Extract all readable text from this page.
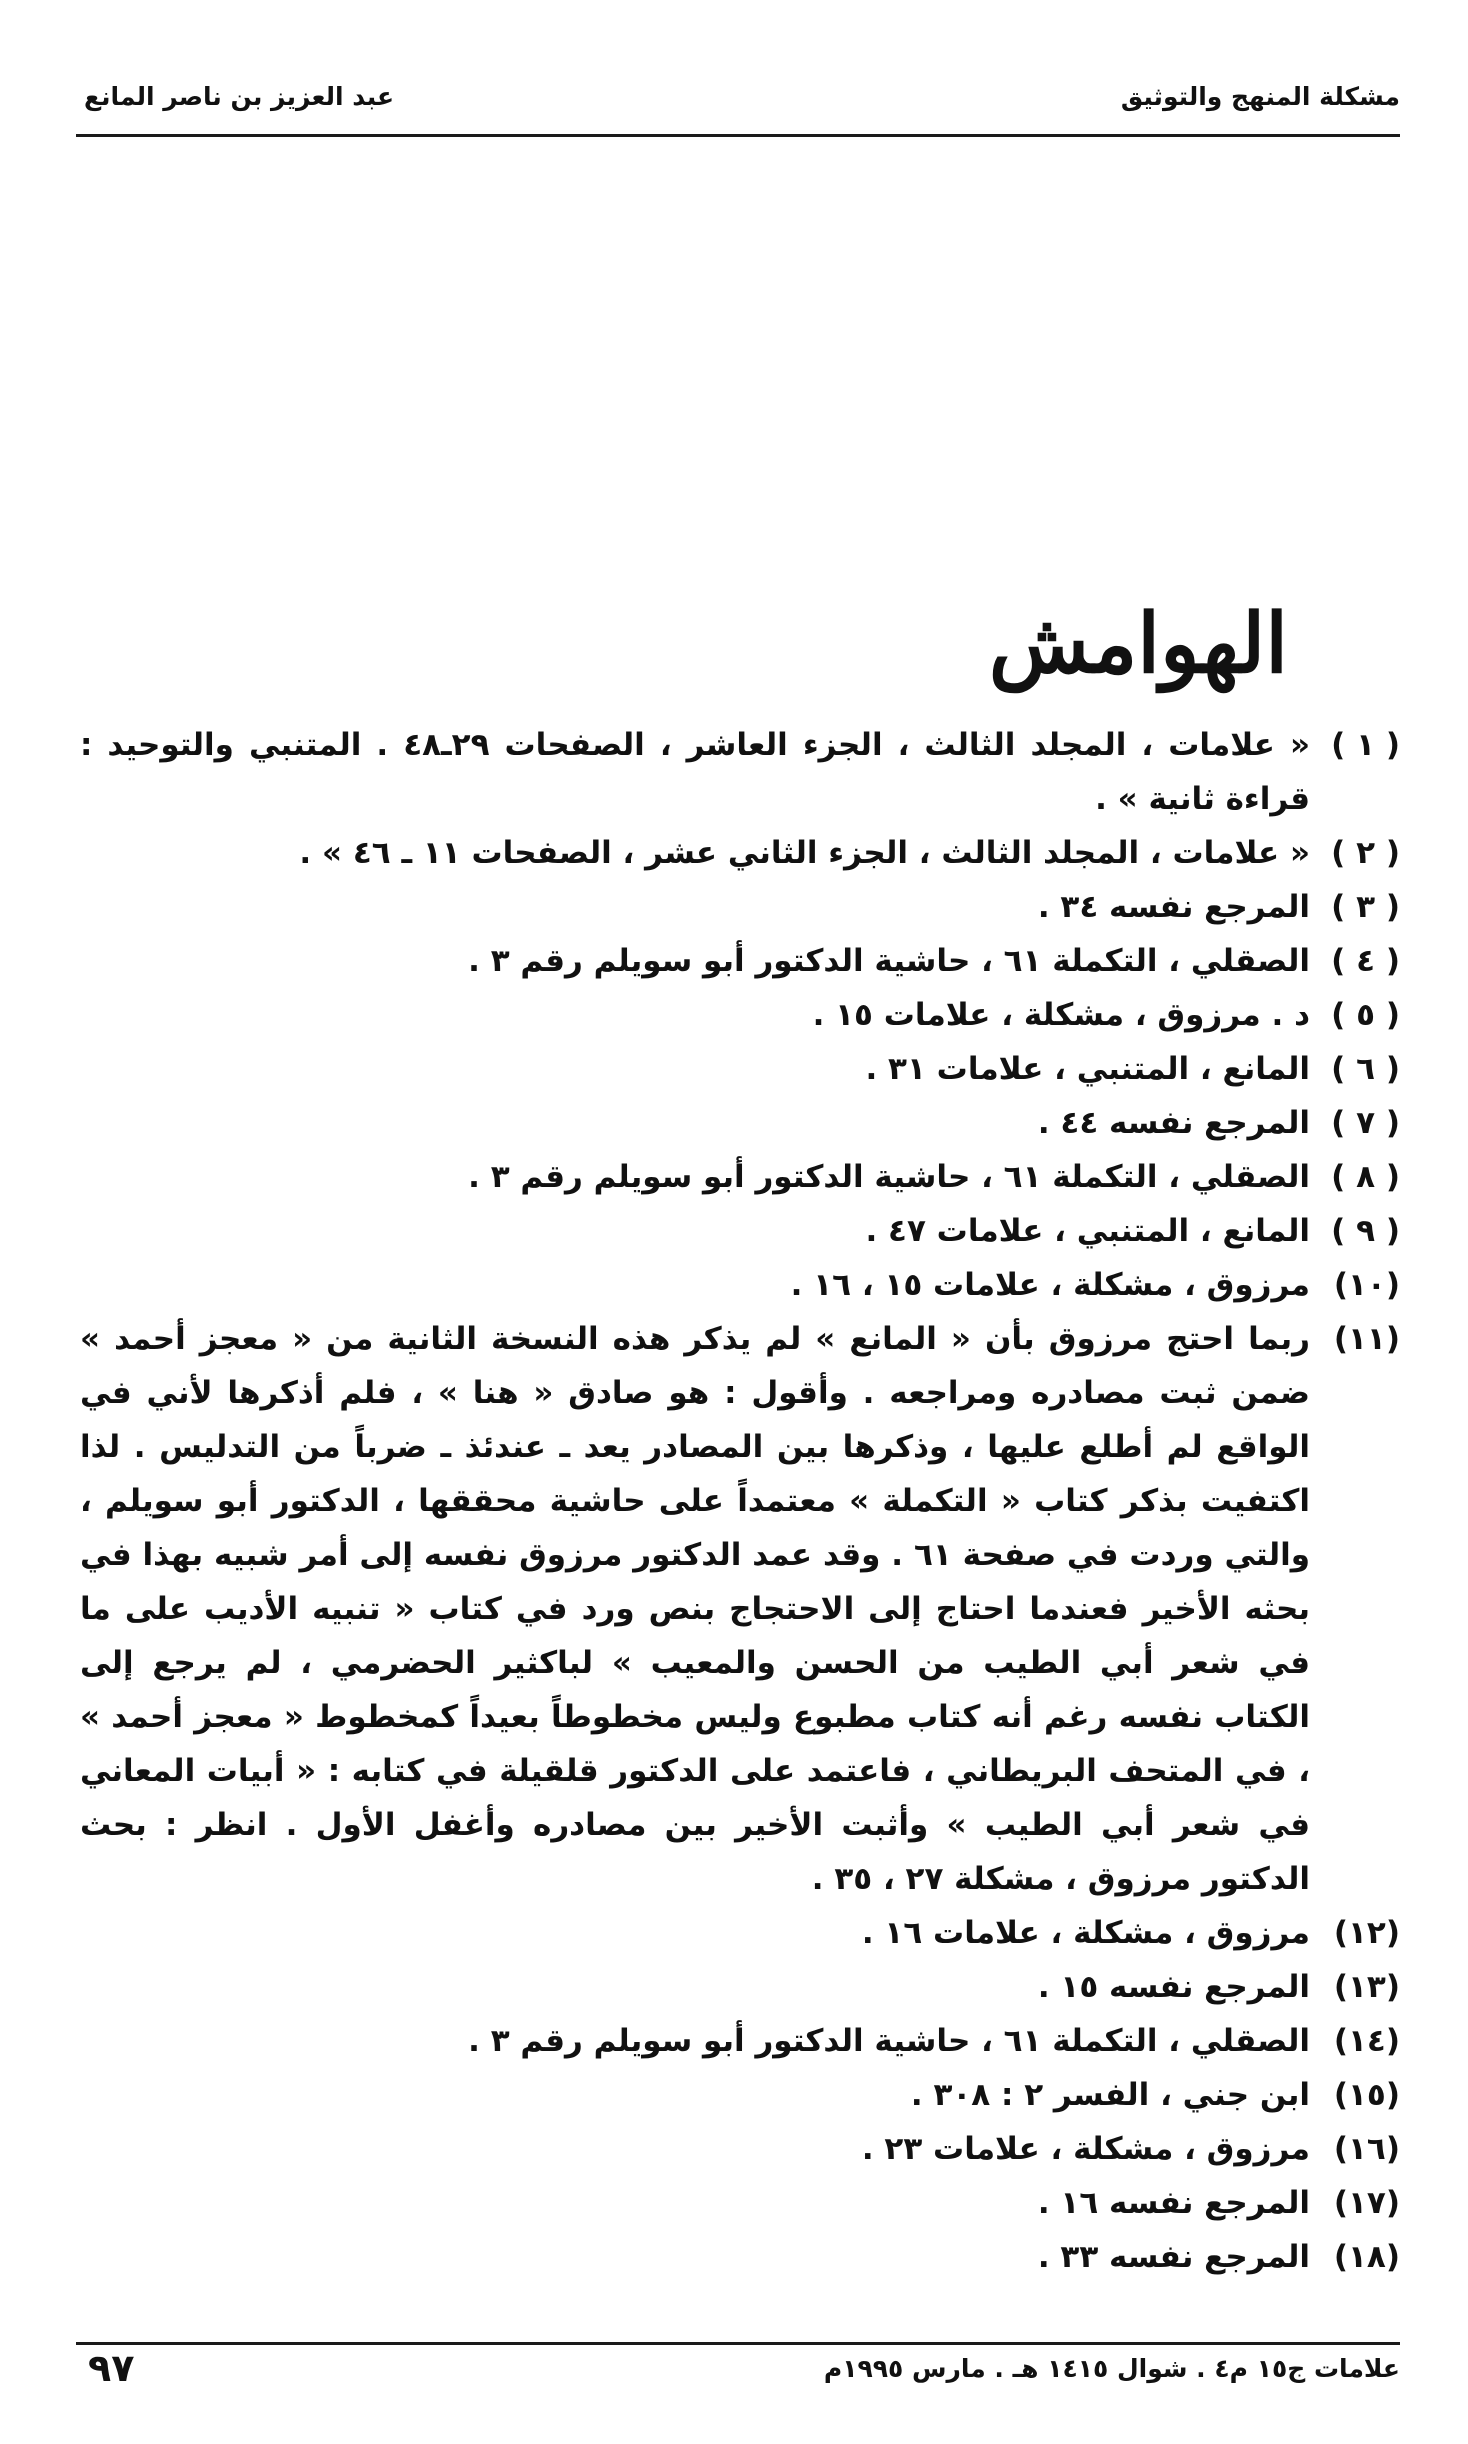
مشكلة المنهج والتوثيق
عبد العزيز بن ناصر المانع
الهوامش
( ١ )
« علامات ، المجلد الثالث ، الجزء العاشر ، الصفحات ٢٩ـ٤٨ . المتنبي والتوحيد : قراءة ثانية » .
( ٢ )
« علامات ، المجلد الثالث ، الجزء الثاني عشر ، الصفحات ١١ ـ ٤٦ » .
( ٣ )
المرجع نفسه ٣٤ .
( ٤ )
الصقلي ، التكملة ٦١ ، حاشية الدكتور أبو سويلم رقم ٣ .
( ٥ )
د . مرزوق ، مشكلة ، علامات ١٥ .
( ٦ )
المانع ، المتنبي ، علامات ٣١ .
( ٧ )
المرجع نفسه ٤٤ .
( ٨ )
الصقلي ، التكملة ٦١ ، حاشية الدكتور أبو سويلم رقم ٣ .
( ٩ )
المانع ، المتنبي ، علامات ٤٧ .
(١٠)
مرزوق ، مشكلة ، علامات ١٥ ، ١٦ .
(١١)
ربما احتج مرزوق بأن « المانع » لم يذكر هذه النسخة الثانية من « معجز أحمد » ضمن ثبت مصادره ومراجعه . وأقول : هو صادق « هنا » ، فلم أذكرها لأني في الواقع لم أطلع عليها ، وذكرها بين المصادر يعد ـ عندئذ ـ ضرباً من التدليس . لذا اكتفيت بذكر كتاب « التكملة » معتمداً على حاشية محققها ، الدكتور أبو سويلم ، والتي وردت في صفحة ٦١ . وقد عمد الدكتور مرزوق نفسه إلى أمر شبيه بهذا في بحثه الأخير فعندما احتاج إلى الاحتجاج بنص ورد في كتاب « تنبيه الأديب على ما في شعر أبي الطيب من الحسن والمعيب » لباكثير الحضرمي ، لم يرجع إلى الكتاب نفسه رغم أنه كتاب مطبوع وليس مخطوطاً بعيداً كمخطوط « معجز أحمد » ، في المتحف البريطاني ، فاعتمد على الدكتور قلقيلة في كتابه : « أبيات المعاني في شعر أبي الطيب » وأثبت الأخير بين مصادره وأغفل الأول . انظر : بحث الدكتور مرزوق ، مشكلة ٢٧ ، ٣٥ .
(١٢)
مرزوق ، مشكلة ، علامات ١٦ .
(١٣)
المرجع نفسه ١٥ .
(١٤)
الصقلي ، التكملة ٦١ ، حاشية الدكتور أبو سويلم رقم ٣ .
(١٥)
ابن جني ، الفسر ٢ : ٣٠٨ .
(١٦)
مرزوق ، مشكلة ، علامات ٢٣ .
(١٧)
المرجع نفسه ١٦ .
(١٨)
المرجع نفسه ٣٣ .
علامات ج١٥ م٤ . شوال ١٤١٥ هـ . مارس ١٩٩٥م
٩٧
